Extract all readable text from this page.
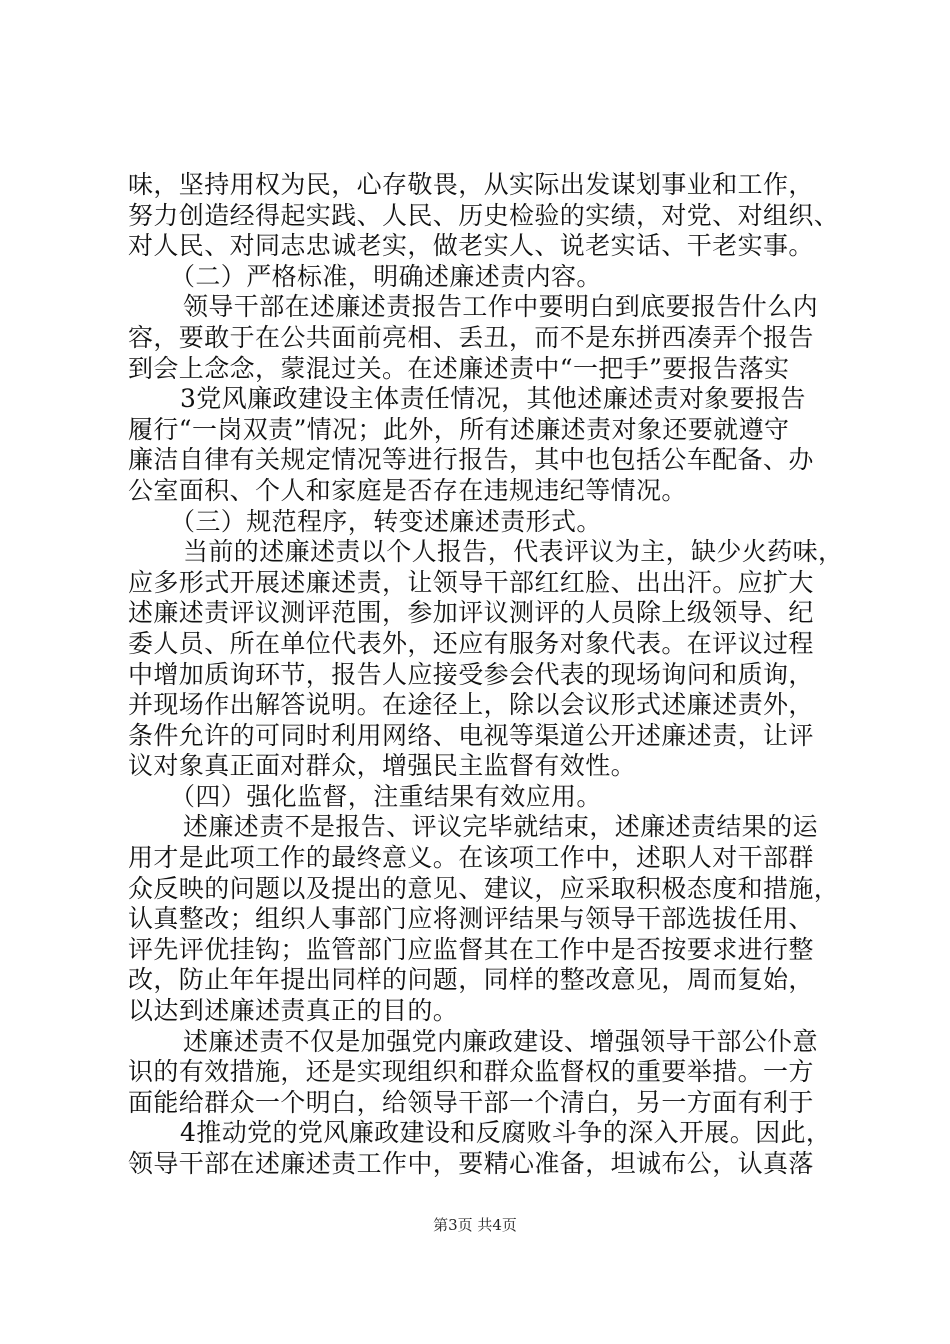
味，坚持用权为民，心存敬畏，从实际出发谋划事业和工作，
努力创造经得起实践、人民、历史检验的实绩，对党、对组织、
对人民、对同志忠诚老实，做老实人、说老实话、干老实事。
（二）严格标准，明确述廉述责内容。
领导干部在述廉述责报告工作中要明白到底要报告什么内
容，要敢于在公共面前亮相、丢丑，而不是东拼西凑弄个报告
到会上念念，蒙混过关。在述廉述责中“一把手”要报告落实
3党风廉政建设主体责任情况，其他述廉述责对象要报告
履行“一岗双责”情况；此外，所有述廉述责对象还要就遵守
廉洁自律有关规定情况等进行报告，其中也包括公车配备、办
公室面积、个人和家庭是否存在违规违纪等情况。
（三）规范程序，转变述廉述责形式。
当前的述廉述责以个人报告，代表评议为主，缺少火药味，
应多形式开展述廉述责，让领导干部红红脸、出出汗。应扩大
述廉述责评议测评范围，参加评议测评的人员除上级领导、纪
委人员、所在单位代表外，还应有服务对象代表。在评议过程
中增加质询环节，报告人应接受参会代表的现场询问和质询，
并现场作出解答说明。在途径上，除以会议形式述廉述责外，
条件允许的可同时利用网络、电视等渠道公开述廉述责，让评
议对象真正面对群众，增强民主监督有效性。
（四）强化监督，注重结果有效应用。
述廉述责不是报告、评议完毕就结束，述廉述责结果的运
用才是此项工作的最终意义。在该项工作中，述职人对干部群
众反映的问题以及提出的意见、建议，应采取积极态度和措施，
认真整改；组织人事部门应将测评结果与领导干部选拔任用、
评先评优挂钩；监管部门应监督其在工作中是否按要求进行整
改，防止年年提出同样的问题，同样的整改意见，周而复始，
以达到述廉述责真正的目的。
述廉述责不仅是加强党内廉政建设、增强领导干部公仆意
识的有效措施，还是实现组织和群众监督权的重要举措。一方
面能给群众一个明白，给领导干部一个清白，另一方面有利于
4推动党的党风廉政建设和反腐败斗争的深入开展。因此，
领导干部在述廉述责工作中，要精心准备，坦诚布公，认真落
第3页 共4页
